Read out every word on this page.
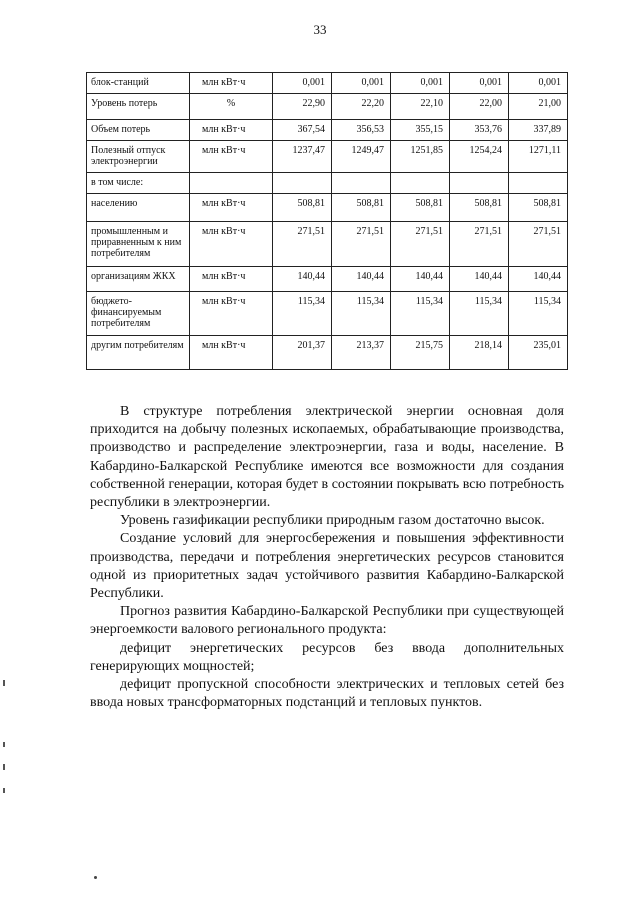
33
блок-станций	млн кВт·ч	0,001	0,001	0,001	0,001	0,001
Уровень потерь	%	22,90	22,20	22,10	22,00	21,00
Объем потерь	млн кВт·ч	367,54	356,53	355,15	353,76	337,89
Полезный отпуск электроэнергии	млн кВт·ч	1237,47	1249,47	1251,85	1254,24	1271,11
в том числе:						
населению	млн кВт·ч	508,81	508,81	508,81	508,81	508,81
промышленным и приравненным к ним потребителям	млн кВт·ч	271,51	271,51	271,51	271,51	271,51
организациям ЖКХ	млн кВт·ч	140,44	140,44	140,44	140,44	140,44
бюджето-финансируемым потребителям	млн кВт·ч	115,34	115,34	115,34	115,34	115,34
другим потребителям	млн кВт·ч	201,37	213,37	215,75	218,14	235,01

В структуре потребления электрической энергии основная доля приходится на добычу полезных ископаемых, обрабатывающие производства, производство и распределение электроэнергии, газа и воды, население. В Кабардино-Балкарской Республике имеются все возможности для создания собственной генерации, которая будет в состоянии покрывать всю потребность республики в электроэнергии.

Уровень газификации республики природным газом достаточно высок.

Создание условий для энергосбережения и повышения эффективности производства, передачи и потребления энергетических ресурсов становится одной из приоритетных задач устойчивого развития Кабардино-Балкарской Республики.

Прогноз развития Кабардино-Балкарской Республики при существующей энергоемкости валового регионального продукта:

дефицит энергетических ресурсов без ввода дополнительных генерирующих мощностей;

дефицит пропускной способности электрических и тепловых сетей без ввода новых трансформаторных подстанций и тепловых пунктов.
